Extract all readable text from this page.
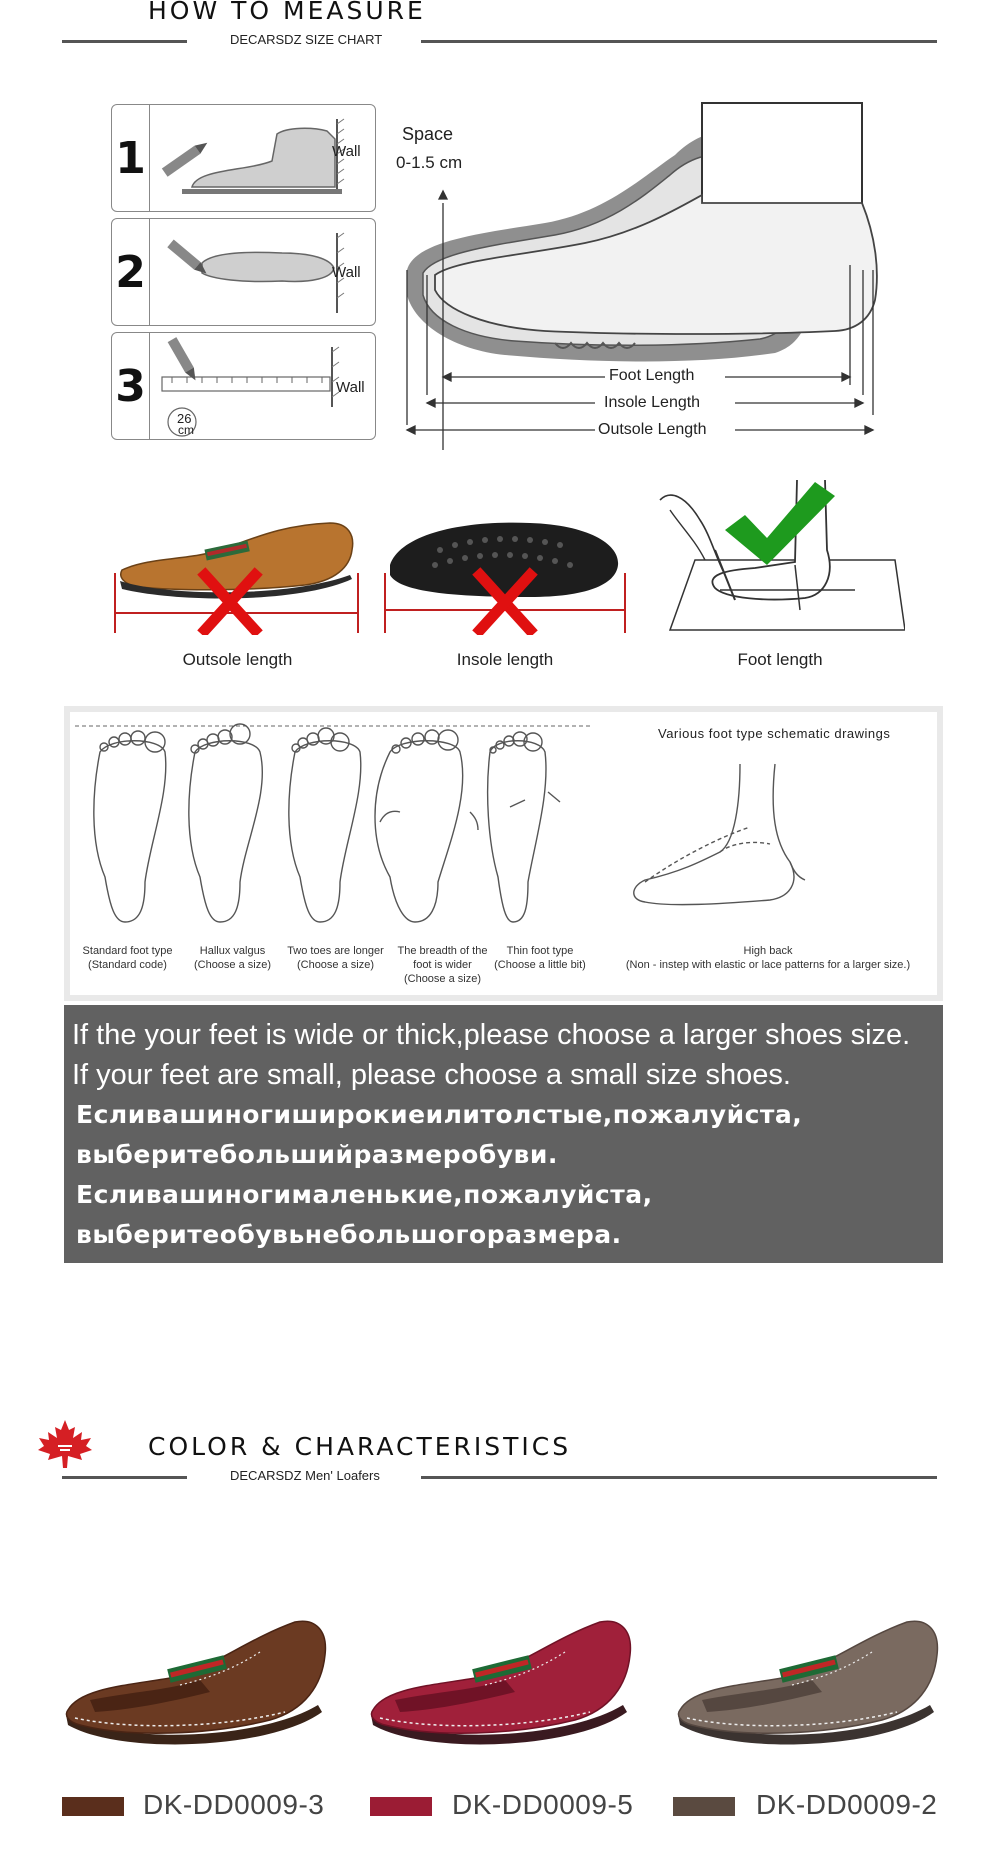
HOW TO MEASURE
DECARSDZ SIZE CHART
1	Wall
2	Wall
3
26
cm
Wall
Space
0-1.5 cm
Foot Length
Insole Length
Outsole Length
Outsole length	Insole length	Foot length
Various foot type schematic drawings
Standard foot type
(Standard code)
Hallux valgus
(Choose a size)
Two toes are longer
(Choose a size)
The breadth of the
foot is wider
(Choose a size)
Thin foot type
(Choose a little bit)
High back
(Non - instep with elastic or lace patterns for a larger size.)

If the your feet is wide or thick,please choose a larger shoes size.

If your feet are small, please choose a small size shoes.

Есливашиногиширокиеилитолстые,пожалуйста,

выберитебольшийразмеробуви.

Есливашиногималенькие,пожалуйста,

выберитеобувьнебольшогоразмера.

COLOR & CHARACTERISTICS
DECARSDZ Men' Loafers
DK-DD0009-3	DK-DD0009-5	DK-DD0009-2
